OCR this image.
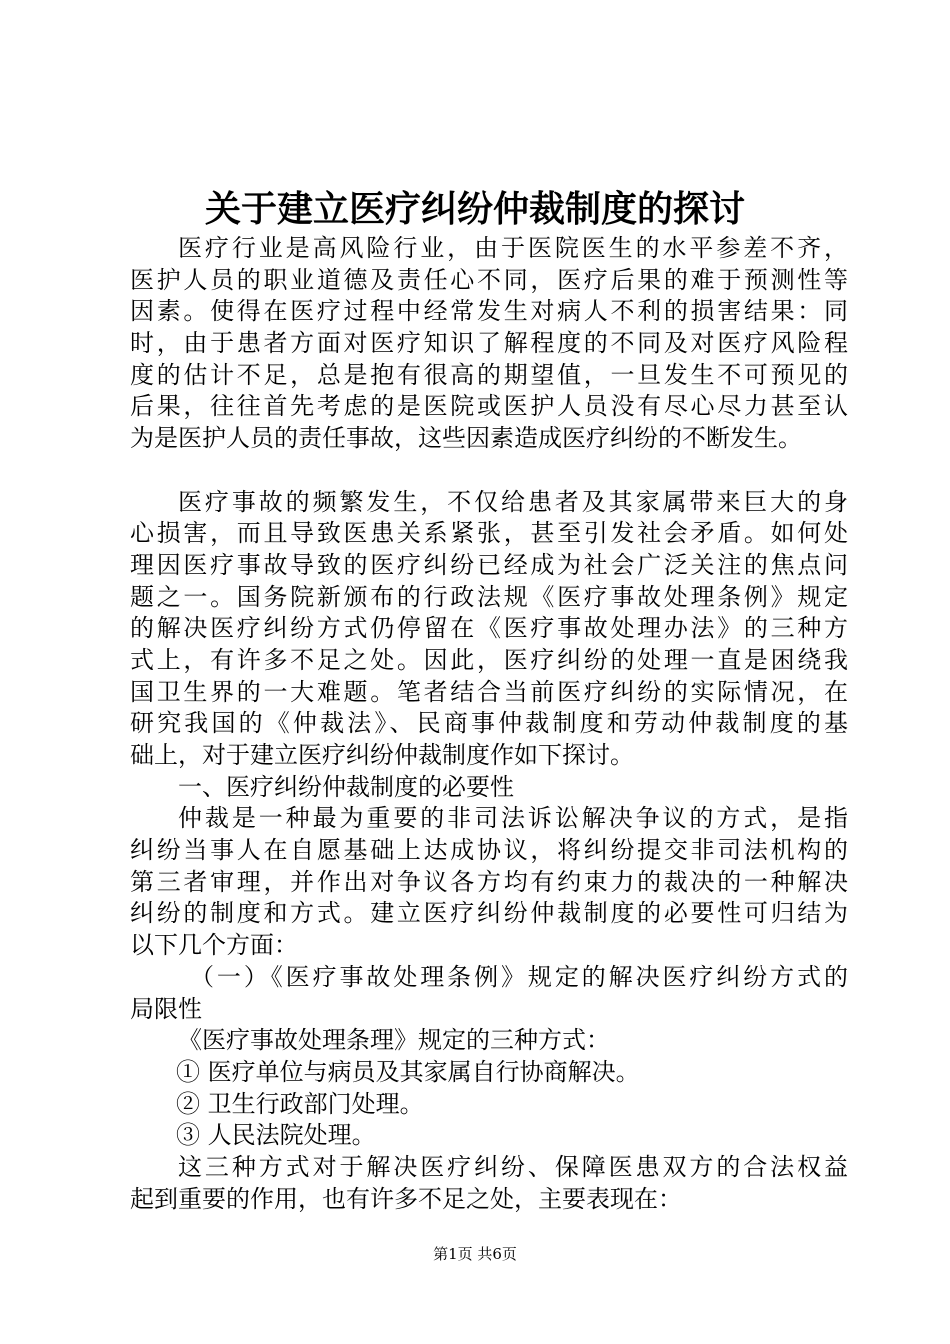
关于建立医疗纠纷仲裁制度的探讨
医疗行业是高风险行业，由于医院医生的水平参差不齐，
医护人员的职业道德及责任心不同，医疗后果的难于预测性等
因素。使得在医疗过程中经常发生对病人不利的损害结果：同
时，由于患者方面对医疗知识了解程度的不同及对医疗风险程
度的估计不足，总是抱有很高的期望值，一旦发生不可预见的
后果，往往首先考虑的是医院或医护人员没有尽心尽力甚至认
为是医护人员的责任事故，这些因素造成医疗纠纷的不断发生。
医疗事故的频繁发生，不仅给患者及其家属带来巨大的身
心损害，而且导致医患关系紧张，甚至引发社会矛盾。如何处
理因医疗事故导致的医疗纠纷已经成为社会广泛关注的焦点问
题之一。国务院新颁布的行政法规《医疗事故处理条例》规定
的解决医疗纠纷方式仍停留在《医疗事故处理办法》的三种方
式上，有许多不足之处。因此，医疗纠纷的处理一直是困绕我
国卫生界的一大难题。笔者结合当前医疗纠纷的实际情况，在
研究我国的《仲裁法》、民商事仲裁制度和劳动仲裁制度的基
础上，对于建立医疗纠纷仲裁制度作如下探讨。
一、医疗纠纷仲裁制度的必要性
仲裁是一种最为重要的非司法诉讼解决争议的方式，是指
纠纷当事人在自愿基础上达成协议，将纠纷提交非司法机构的
第三者审理，并作出对争议各方均有约束力的裁决的一种解决
纠纷的制度和方式。建立医疗纠纷仲裁制度的必要性可归结为
以下几个方面：
（一）《医疗事故处理条例》规定的解决医疗纠纷方式的
局限性
《医疗事故处理条理》规定的三种方式：
① 医疗单位与病员及其家属自行协商解决。
② 卫生行政部门处理。
③ 人民法院处理。
这三种方式对于解决医疗纠纷、保障医患双方的合法权益
起到重要的作用，也有许多不足之处，主要表现在：
第1页 共6页
